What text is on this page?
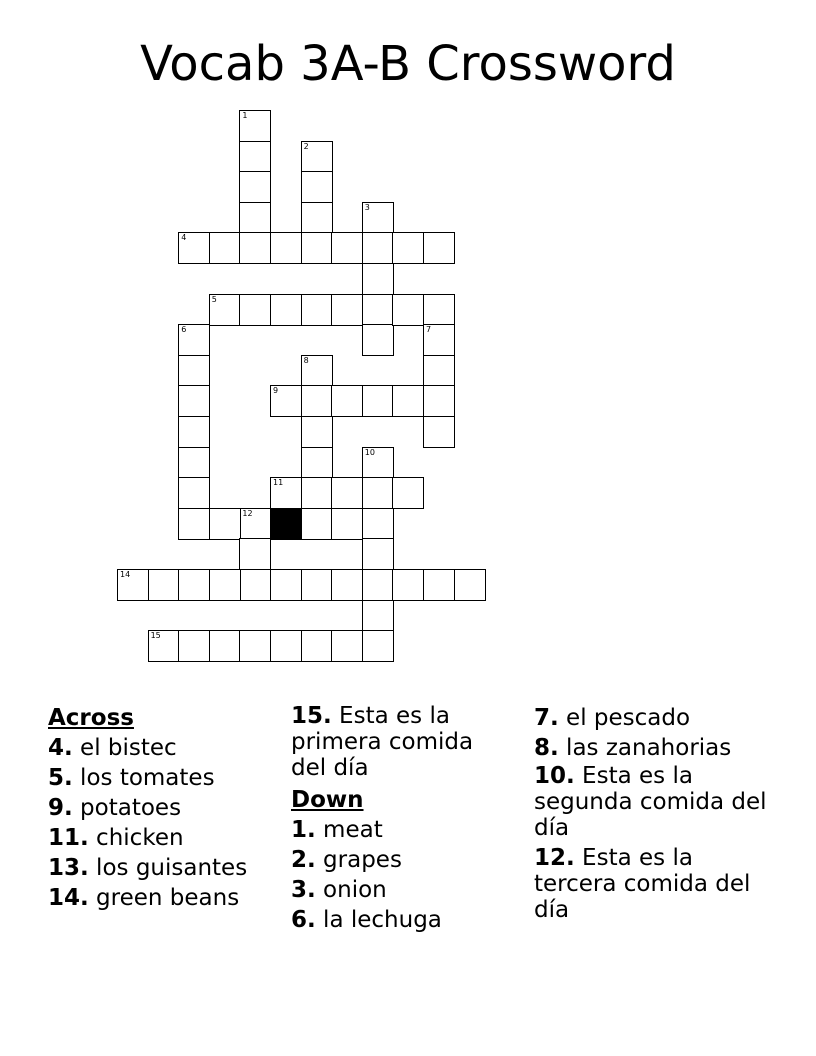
Vocab 3A-B Crossword
1
2
3
4
5
6	7
8
9
10
11
12
14
15

Across

4. el bistec

5. los tomates

9. potatoes

11. chicken

13. los guisantes

14. green beans

15. Esta es la primera comida del día

Down

1. meat

2. grapes

3. onion

6. la lechuga

7. el pescado

8. las zanahorias

10. Esta es la segunda comida del día

12. Esta es la tercera comida del día
